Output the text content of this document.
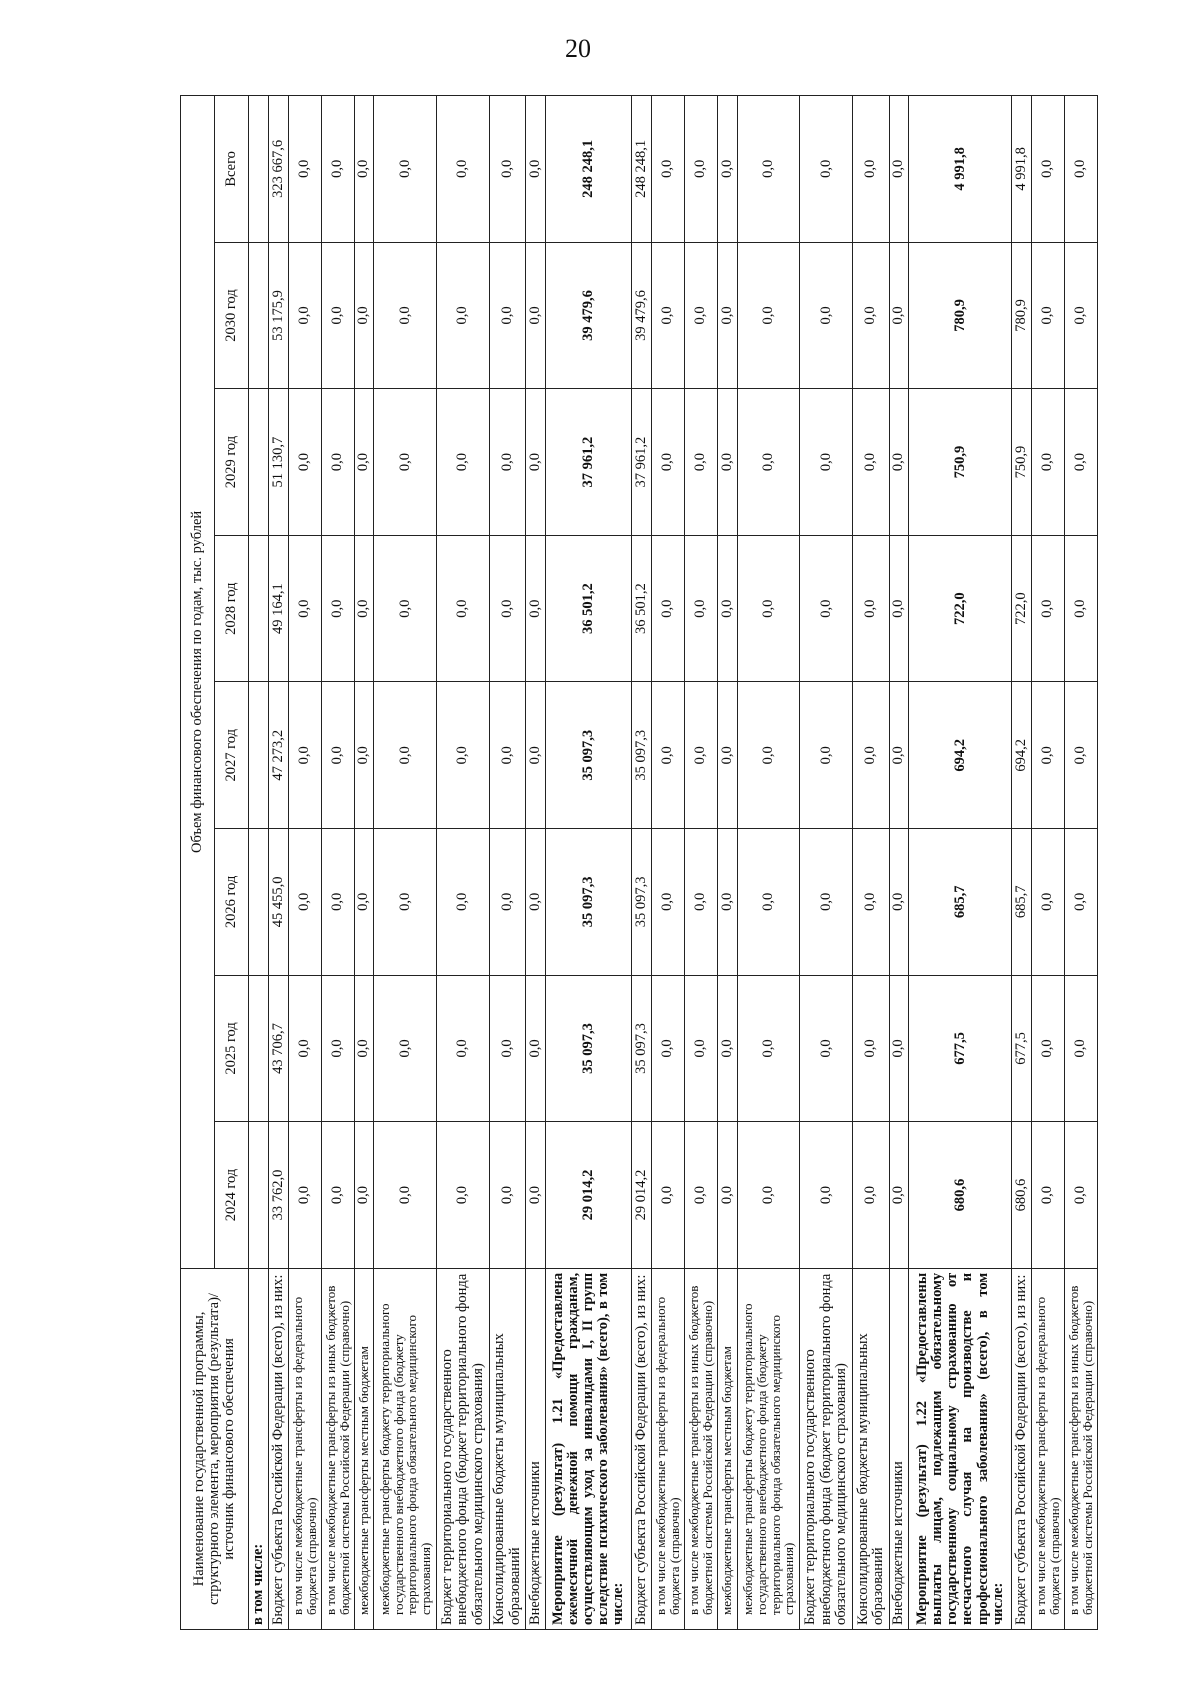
20
Наименование государственной программы, структурного элемента, мероприятия (результата)/источник финансового обеспечения	Объем финансового обеспечения по годам, тыс. рублей							
	2024 год	2025 год	2026 год	2027 год	2028 год	2029 год	2030 год	Всего
в том числе:								
Бюджет субъекта Российской Федерации (всего), из них:	33 762,0	43 706,7	45 455,0	47 273,2	49 164,1	51 130,7	53 175,9	323 667,6
в том числе межбюджетные трансферты из федерального бюджета (справочно)	0,0	0,0	0,0	0,0	0,0	0,0	0,0	0,0
в том числе межбюджетные трансферты из иных бюджетов бюджетной системы Российской Федерации (справочно)	0,0	0,0	0,0	0,0	0,0	0,0	0,0	0,0
межбюджетные трансферты местным бюджетам	0,0	0,0	0,0	0,0	0,0	0,0	0,0	0,0
межбюджетные трансферты бюджету территориального государственного внебюджетного фонда (бюджету территориального фонда обязательного медицинского страхования)	0,0	0,0	0,0	0,0	0,0	0,0	0,0	0,0
Бюджет территориального государственного внебюджетного фонда (бюджет территориального фонда обязательного медицинского страхования)	0,0	0,0	0,0	0,0	0,0	0,0	0,0	0,0
Консолидированные бюджеты муниципальных образований	0,0	0,0	0,0	0,0	0,0	0,0	0,0	0,0
Внебюджетные источники	0,0	0,0	0,0	0,0	0,0	0,0	0,0	0,0
Мероприятие (результат) 1.21 «Предоставлена ежемесячной денежной помощи гражданам, осуществляющим уход за инвалидами I, II групп вследствие психического заболевания» (всего), в том числе:	29 014,2	35 097,3	35 097,3	35 097,3	36 501,2	37 961,2	39 479,6	248 248,1
Бюджет субъекта Российской Федерации (всего), из них:	29 014,2	35 097,3	35 097,3	35 097,3	36 501,2	37 961,2	39 479,6	248 248,1
в том числе межбюджетные трансферты из федерального бюджета (справочно)	0,0	0,0	0,0	0,0	0,0	0,0	0,0	0,0
в том числе межбюджетные трансферты из иных бюджетов бюджетной системы Российской Федерации (справочно)	0,0	0,0	0,0	0,0	0,0	0,0	0,0	0,0
межбюджетные трансферты местным бюджетам	0,0	0,0	0,0	0,0	0,0	0,0	0,0	0,0
межбюджетные трансферты бюджету территориального государственного внебюджетного фонда (бюджету территориального фонда обязательного медицинского страхования)	0,0	0,0	0,0	0,0	0,0	0,0	0,0	0,0
Бюджет территориального государственного внебюджетного фонда (бюджет территориального фонда обязательного медицинского страхования)	0,0	0,0	0,0	0,0	0,0	0,0	0,0	0,0
Консолидированные бюджеты муниципальных образований	0,0	0,0	0,0	0,0	0,0	0,0	0,0	0,0
Внебюджетные источники	0,0	0,0	0,0	0,0	0,0	0,0	0,0	0,0
Мероприятие (результат) 1.22 «Предоставлены выплаты лицам, подлежащим обязательному государственному социальному страхованию от несчастного случая на производстве и профессионального заболевания» (всего), в том числе:	680,6	677,5	685,7	694,2	722,0	750,9	780,9	4 991,8
Бюджет субъекта Российской Федерации (всего), из них:	680,6	677,5	685,7	694,2	722,0	750,9	780,9	4 991,8
в том числе межбюджетные трансферты из федерального бюджета (справочно)	0,0	0,0	0,0	0,0	0,0	0,0	0,0	0,0
в том числе межбюджетные трансферты из иных бюджетов бюджетной системы Российской Федерации (справочно)	0,0	0,0	0,0	0,0	0,0	0,0	0,0	0,0
